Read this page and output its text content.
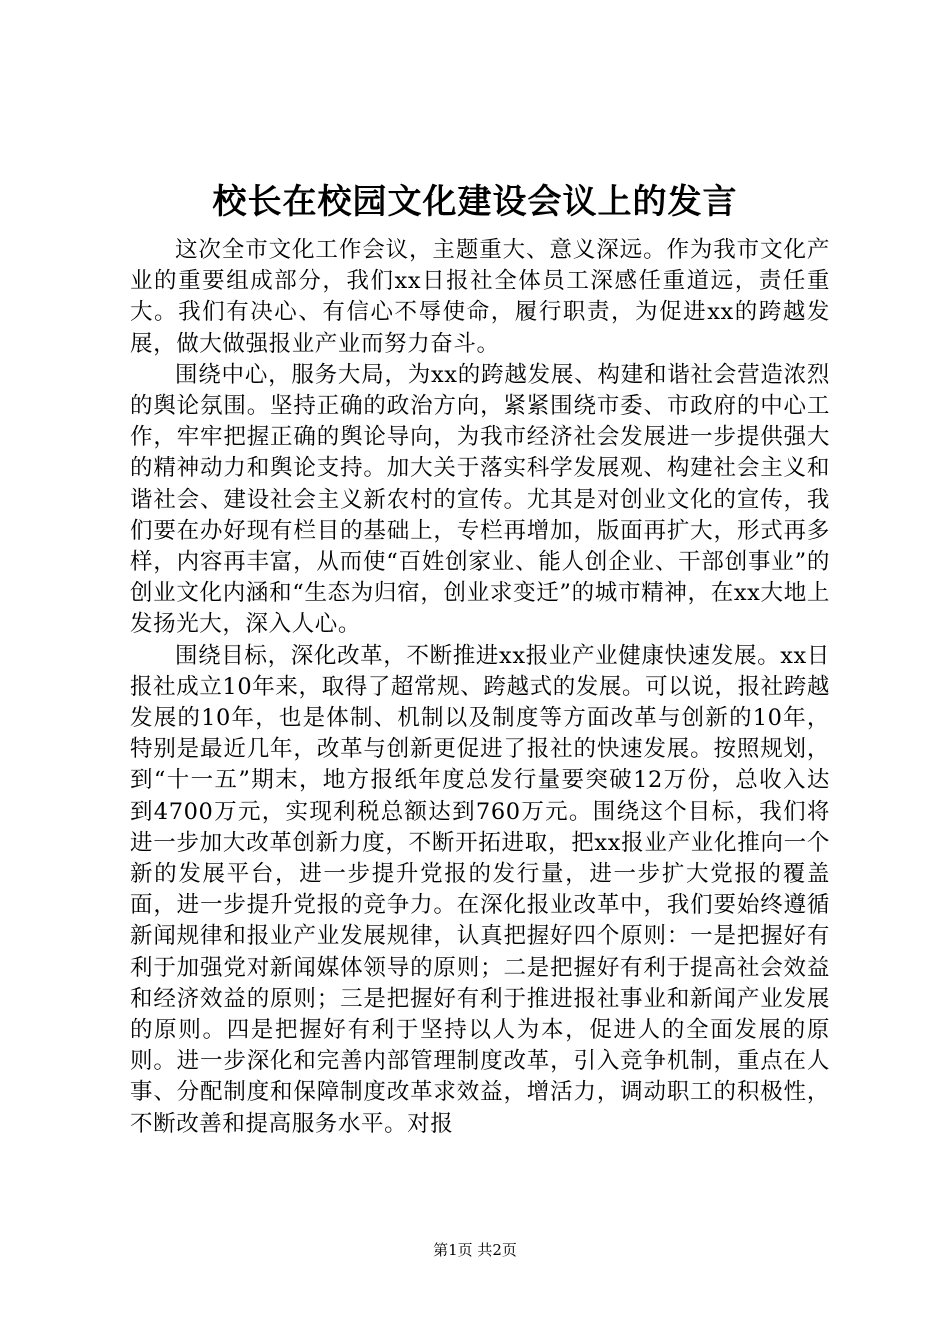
校长在校园文化建设会议上的发言

这次全市文化工作会议，主题重大、意义深远。作为我市文化产业的重要组成部分，我们xx日报社全体员工深感任重道远，责任重大。我们有决心、有信心不辱使命，履行职责，为促进xx的跨越发展，做大做强报业产业而努力奋斗。

围绕中心，服务大局，为xx的跨越发展、构建和谐社会营造浓烈的舆论氛围。坚持正确的政治方向，紧紧围绕市委、市政府的中心工作，牢牢把握正确的舆论导向，为我市经济社会发展进一步提供强大的精神动力和舆论支持。加大关于落实科学发展观、构建社会主义和谐社会、建设社会主义新农村的宣传。尤其是对创业文化的宣传，我们要在办好现有栏目的基础上，专栏再增加，版面再扩大，形式再多样，内容再丰富，从而使“百姓创家业、能人创企业、干部创事业”的创业文化内涵和“生态为归宿，创业求变迁”的城市精神，在xx大地上发扬光大，深入人心。

围绕目标，深化改革，不断推进xx报业产业健康快速发展。xx日报社成立10年来，取得了超常规、跨越式的发展。可以说，报社跨越发展的10年，也是体制、机制以及制度等方面改革与创新的10年，特别是最近几年，改革与创新更促进了报社的快速发展。按照规划，到“十一五”期末，地方报纸年度总发行量要突破12万份，总收入达到4700万元，实现利税总额达到760万元。围绕这个目标，我们将进一步加大改革创新力度，不断开拓进取，把xx报业产业化推向一个新的发展平台，进一步提升党报的发行量，进一步扩大党报的覆盖面，进一步提升党报的竞争力。在深化报业改革中，我们要始终遵循新闻规律和报业产业发展规律，认真把握好四个原则：一是把握好有利于加强党对新闻媒体领导的原则；二是把握好有利于提高社会效益和经济效益的原则；三是把握好有利于推进报社事业和新闻产业发展的原则。四是把握好有利于坚持以人为本，促进人的全面发展的原则。进一步深化和完善内部管理制度改革，引入竞争机制，重点在人事、分配制度和保障制度改革求效益，增活力，调动职工的积极性，不断改善和提高服务水平。对报

第1页 共2页
